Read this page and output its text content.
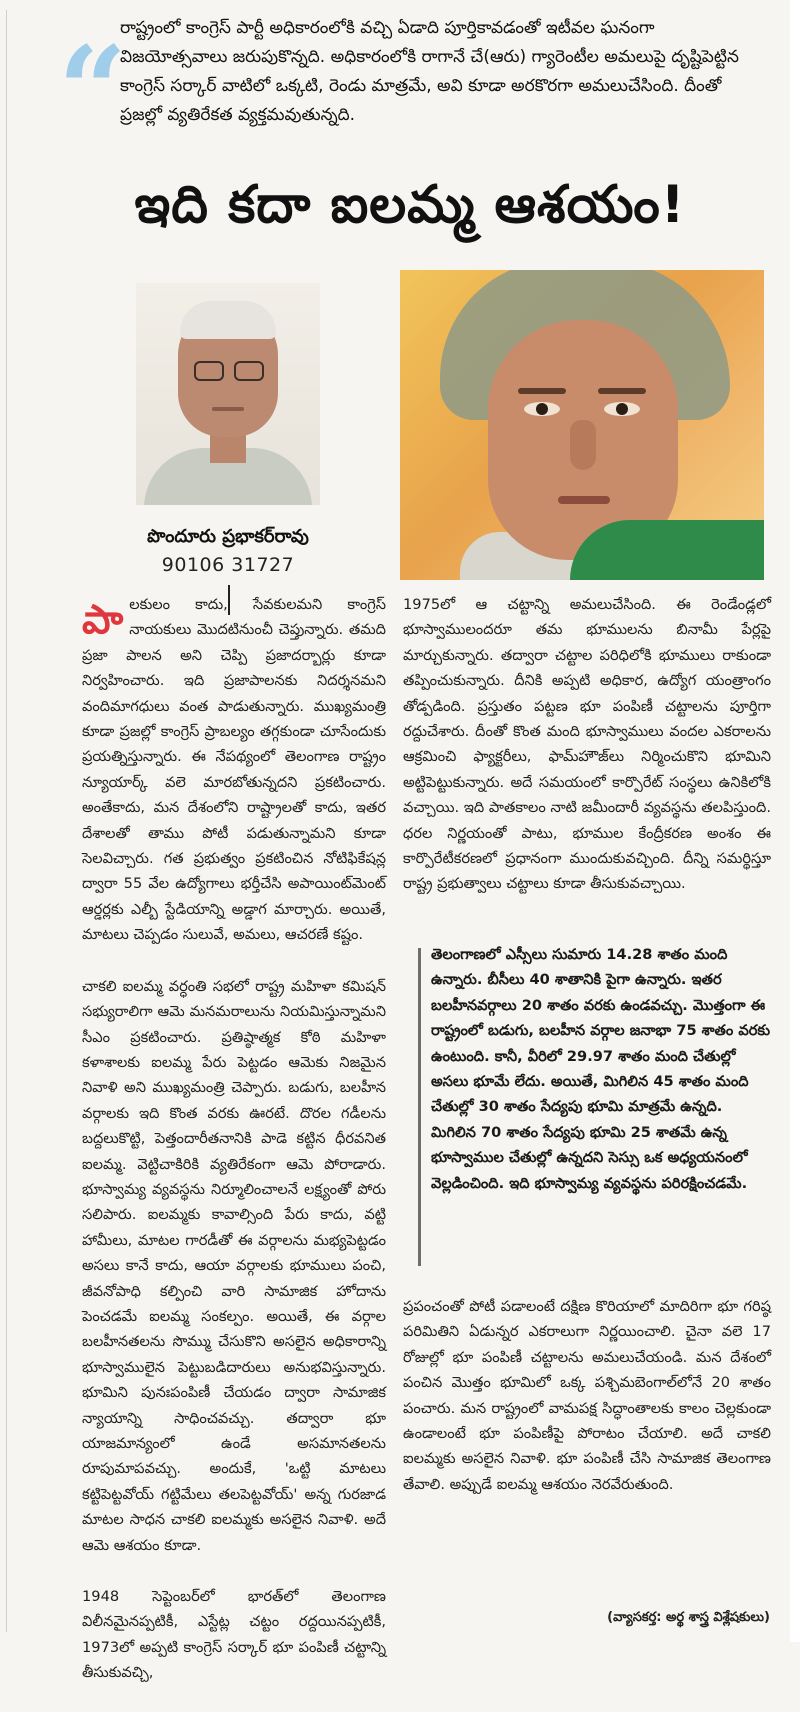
“
రాష్ట్రంలో కాంగ్రెస్ పార్టీ అధికారంలోకి వచ్చి ఏడాది పూర్తికావడంతో ఇటీవల ఘనంగా విజయోత్సవాలు జరుపుకొన్నది. అధికారంలోకి రాగానే చే(ఆరు) గ్యారెంటీల అమలుపై దృష్టిపెట్టిన కాంగ్రెస్ సర్కార్ వాటిలో ఒక్కటి, రెండు మాత్రమే, అవి కూడా అరకొరగా అమలుచేసింది. దీంతో ప్రజల్లో వ్యతిరేకత వ్యక్తమవుతున్నది.
ఇది కదా ఐలమ్మ ఆశయం!
పొందూరు ప్రభాకర్‌రావు
90106 31727

పాలకులం కాదు, సేవకులమని కాంగ్రెస్ నాయకులు మొదటినుంచీ చెప్తున్నారు. తమది ప్రజా పాలన అని చెప్పి ప్రజాదర్బార్లు కూడా నిర్వహించారు. ఇది ప్రజాపాలనకు నిదర్శనమని వందిమాగధులు వంత పాడుతున్నారు. ముఖ్యమంత్రి కూడా ప్రజల్లో కాంగ్రెస్ ప్రాబల్యం తగ్గకుండా చూసేందుకు ప్రయత్నిస్తున్నారు. ఈ నేపథ్యంలో తెలంగాణ రాష్ట్రం న్యూయార్క్ వలె మారబోతున్నదని ప్రకటించారు. అంతేకాదు, మన దేశంలోని రాష్ట్రాలతో కాదు, ఇతర దేశాలతో తాము పోటీ పడుతున్నామని కూడా సెలవిచ్చారు. గత ప్రభుత్వం ప్రకటించిన నోటిఫికేషన్ల ద్వారా 55 వేల ఉద్యోగాలు భర్తీచేసి అపాయింట్‌మెంట్ ఆర్డర్లకు ఎల్బీ స్టేడియాన్ని అడ్డాగ మార్చారు. అయితే, మాటలు చెప్పడం సులువే, అమలు, ఆచరణే కష్టం.

చాకలి ఐలమ్మ వర్ధంతి సభలో రాష్ట్ర మహిళా కమిషన్ సభ్యురాలిగా ఆమె మనమరాలును నియమిస్తున్నామని సీఎం ప్రకటించారు. ప్రతిష్ఠాత్మక కోఠి మహిళా కళాశాలకు ఐలమ్మ పేరు పెట్టడం ఆమెకు నిజమైన నివాళి అని ముఖ్యమంత్రి చెప్పారు. బడుగు, బలహీన వర్గాలకు ఇది కొంత వరకు ఊరటే. దొరల గడీలను బద్దలుకొట్టి, పెత్తందారీతనానికి పాడె కట్టిన ధీరవనిత ఐలమ్మ. వెట్టిచాకిరికి వ్యతిరేకంగా ఆమె పోరాడారు. భూస్వామ్య వ్యవస్థను నిర్మూలించాలనే లక్ష్యంతో పోరు సలిపారు. ఐలమ్మకు కావాల్సింది పేరు కాదు, వట్టి హామీలు, మాటల గారడీతో ఈ వర్గాలను మభ్యపెట్టడం అసలు కానే కాదు, ఆయా వర్గాలకు భూములు పంచి, జీవనోపాధి కల్పించి వారి సామాజిక హోదాను పెంచడమే ఐలమ్మ సంకల్పం. అయితే, ఈ వర్గాల బలహీనతలను సొమ్ము చేసుకొని అసలైన అధికారాన్ని భూస్వాములైన పెట్టుబడిదారులు అనుభవిస్తున్నారు. భూమిని పునఃపంపిణీ చేయడం ద్వారా సామాజిక న్యాయాన్ని సాధించవచ్చు. తద్వారా భూ యాజమాన్యంలో ఉండే అసమానతలను రూపుమాపవచ్చు. అందుకే, 'ఒట్టి మాటలు కట్టిపెట్టవోయ్ గట్టిమేలు తలపెట్టవోయ్' అన్న గురజాడ మాటల సాధన చాకలి ఐలమ్మకు అసలైన నివాళి. అదే ఆమె ఆశయం కూడా.

1948 సెప్టెంబర్‌లో భారత్‌లో తెలంగాణ విలీనమైనప్పటికీ, ఎస్టేట్ల చట్టం రద్దయినప్పటికీ, 1973లో అప్పటి కాంగ్రెస్ సర్కార్ భూ పంపిణీ చట్టాన్ని తీసుకువచ్చి,

1975లో ఆ చట్టాన్ని అమలుచేసింది. ఈ రెండేండ్లలో భూస్వాములందరూ తమ భూములను బినామీ పేర్లపై మార్చుకున్నారు. తద్వారా చట్టాల పరిధిలోకి భూములు రాకుండా తప్పించుకున్నారు. దీనికి అప్పటి అధికార, ఉద్యోగ యంత్రాంగం తోడ్పడింది. ప్రస్తుతం పట్టణ భూ పంపిణీ చట్టాలను పూర్తిగా రద్దుచేశారు. దీంతో కొంత మంది భూస్వాములు వందల ఎకరాలను ఆక్రమించి ఫ్యాక్టరీలు, ఫామ్‌హౌజ్‌లు నిర్మించుకొని భూమిని అట్టిపెట్టుకున్నారు. అదే సమయంలో కార్పొరేట్ సంస్థలు ఉనికిలోకి వచ్చాయి. ఇది పాతకాలం నాటి జమీందారీ వ్యవస్థను తలపిస్తుంది. ధరల నిర్ణయంతో పాటు, భూముల కేంద్రీకరణ అంశం ఈ కార్పొరేటీకరణలో ప్రధానంగా ముందుకువచ్చింది. దీన్ని సమర్థిస్తూ రాష్ట్ర ప్రభుత్వాలు చట్టాలు కూడా తీసుకువచ్చాయి.

తెలంగాణలో ఎస్సీలు సుమారు 14.28 శాతం మంది ఉన్నారు. బీసీలు 40 శాతానికి పైగా ఉన్నారు. ఇతర బలహీనవర్గాలు 20 శాతం వరకు ఉండవచ్చు. మొత్తంగా ఈ రాష్ట్రంలో బడుగు, బలహీన వర్గాల జనాభా 75 శాతం వరకు ఉంటుంది. కానీ, వీరిలో 29.97 శాతం మంది చేతుల్లో అసలు భూమే లేదు. అయితే, మిగిలిన 45 శాతం మంది చేతుల్లో 30 శాతం సేద్యపు భూమి మాత్రమే ఉన్నది. మిగిలిన 70 శాతం సేద్యపు భూమి 25 శాతమే ఉన్న భూస్వాముల చేతుల్లో ఉన్నదని సెస్సు ఒక అధ్యయనంలో వెల్లడించింది. ఇది భూస్వామ్య వ్యవస్థను పరిరక్షించడమే.

ప్రపంచంతో పోటీ పడాలంటే దక్షిణ కొరియాలో మాదిరిగా భూ గరిష్ఠ పరిమితిని ఏడున్నర ఎకరాలుగా నిర్ణయించాలి. చైనా వలె 17 రోజుల్లో భూ పంపిణీ చట్టాలను అమలుచేయండి. మన దేశంలో పంచిన మొత్తం భూమిలో ఒక్క పశ్చిమబెంగాల్‌లోనే 20 శాతం పంచారు. మన రాష్ట్రంలో వామపక్ష సిద్ధాంతాలకు కాలం చెల్లకుండా ఉండాలంటే భూ పంపిణీపై పోరాటం చేయాలి. అదే చాకలి ఐలమ్మకు అసలైన నివాళి. భూ పంపిణీ చేసి సామాజిక తెలంగాణ తేవాలి. అప్పుడే ఐలమ్మ ఆశయం నెరవేరుతుంది.

(వ్యాసకర్త: అర్థ శాస్త్ర విశ్లేషకులు)
